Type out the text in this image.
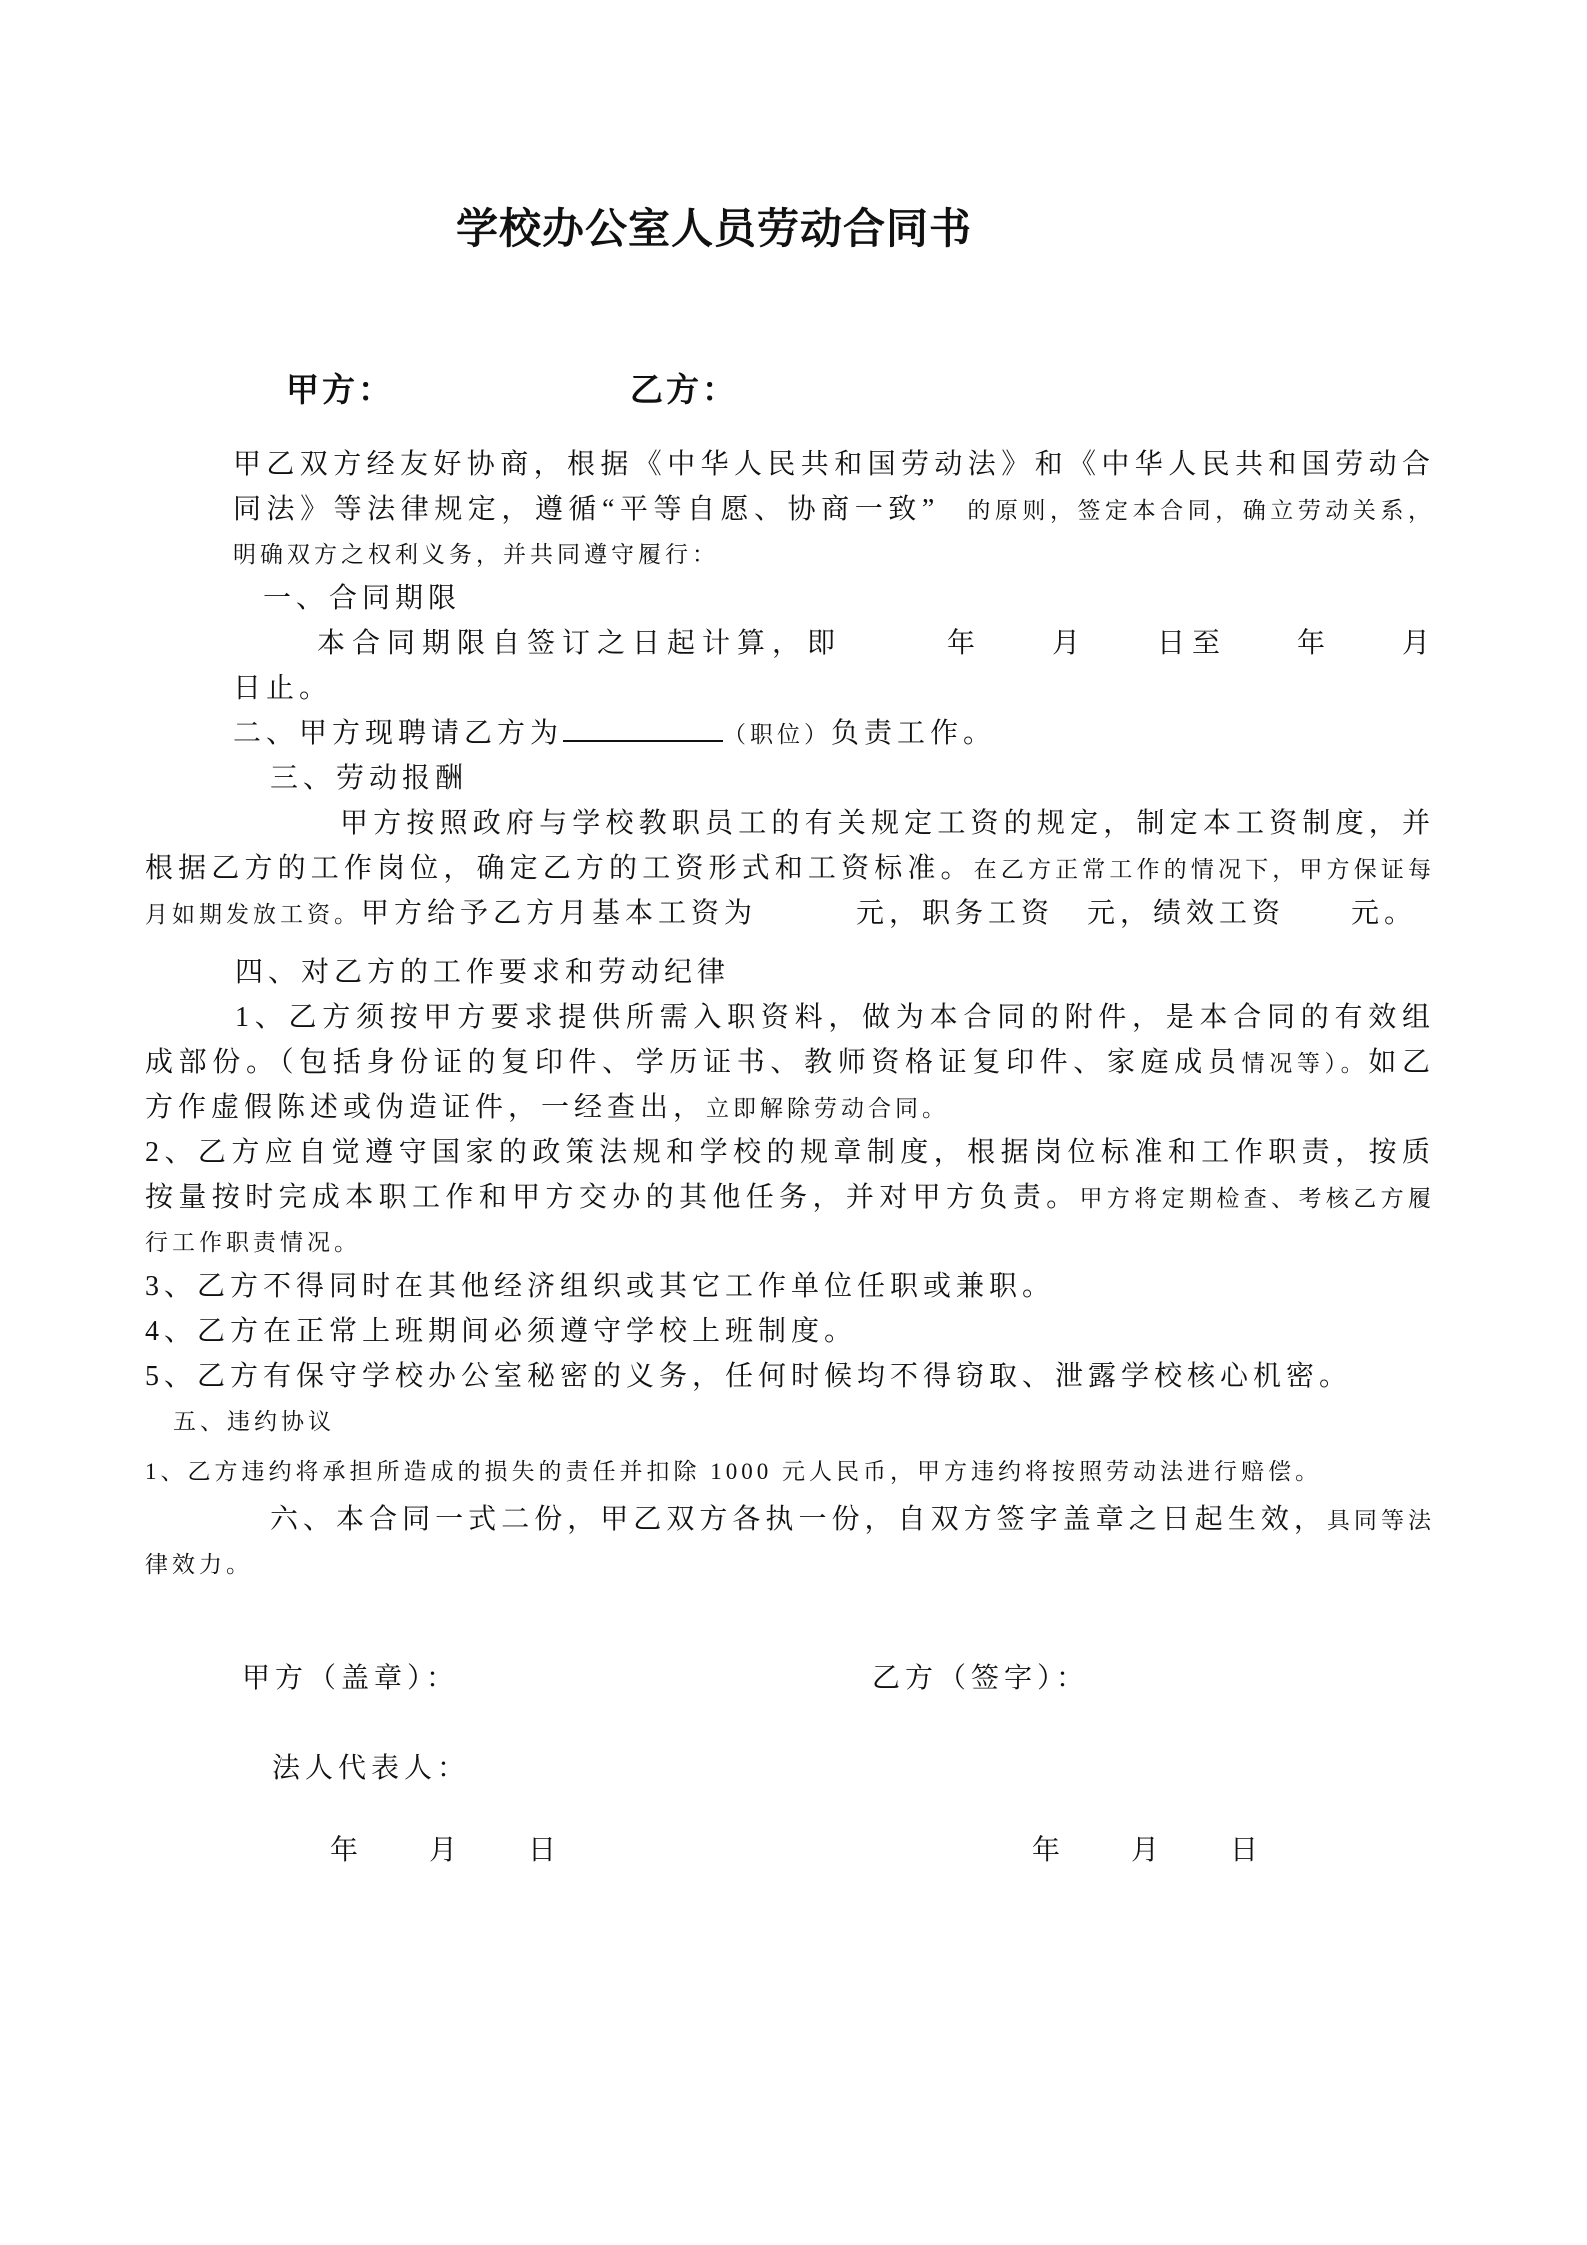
学校办公室人员劳动合同书
甲方：	乙方：
甲乙双方经友好协商，根据《中华人民共和国劳动法》和《中华人民共和国劳动合同法》等法律规定，遵循“平等自愿、协商一致”　的原则，签定本合同，确立劳动关系，明确双方之权利义务，并共同遵守履行：
一、合同期限
本合同期限自签订之日起计算，即　　　年　　月　　日至　　年　　月　　日止。
二、甲方现聘请乙方为	（职位）负责工作。
三、劳动报酬
甲方按照政府与学校教职员工的有关规定工资的规定，制定本工资制度，并根据乙方的工作岗位，确定乙方的工资形式和工资标准。在乙方正常工作的情况下，甲方保证每月如期发放工资。甲方给予乙方月基本工资为　　　元，职务工资　元，绩效工资　　元。
四、对乙方的工作要求和劳动纪律
1、乙方须按甲方要求提供所需入职资料，做为本合同的附件，是本合同的有效组成部份。（包括身份证的复印件、学历证书、教师资格证复印件、家庭成员情况等）。如乙方作虚假陈述或伪造证件，一经查出，立即解除劳动合同。
2、乙方应自觉遵守国家的政策法规和学校的规章制度，根据岗位标准和工作职责，按质按量按时完成本职工作和甲方交办的其他任务，并对甲方负责。甲方将定期检查、考核乙方履行工作职责情况。
3、乙方不得同时在其他经济组织或其它工作单位任职或兼职。
4、乙方在正常上班期间必须遵守学校上班制度。
5、乙方有保守学校办公室秘密的义务，任何时候均不得窃取、泄露学校核心机密。
五、违约协议
1、乙方违约将承担所造成的损失的责任并扣除 1000 元人民币，甲方违约将按照劳动法进行赔偿。
六、本合同一式二份，甲乙双方各执一份，自双方签字盖章之日起生效，具同等法律效力。
甲方（盖章）：	乙方（签字）：
法人代表人：
年　　月　　日	年　　月　　日
